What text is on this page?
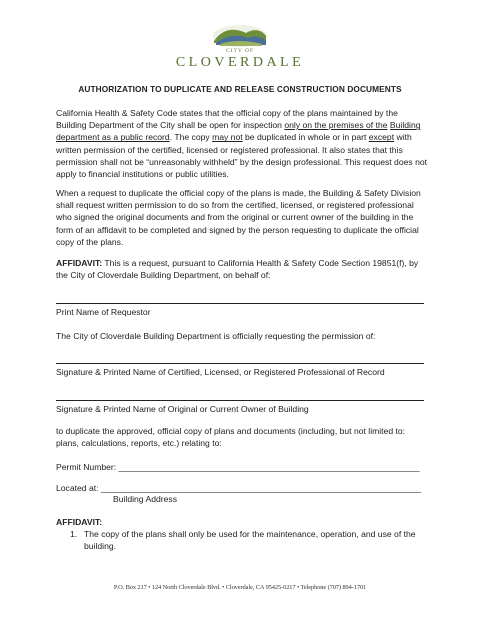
CITY OF
CLOVERDALE
AUTHORIZATION TO DUPLICATE AND RELEASE CONSTRUCTION DOCUMENTS
California Health & Safety Code states that the official copy of the plans maintained by the Building Department of the City shall be open for inspection only on the premises of the Building department as a public record. The copy may not be duplicated in whole or in part except with written permission of the certified, licensed or registered professional. It also states that this permission shall not be “unreasonably withheld” by the design professional. This request does not apply to financial institutions or public utilities.
When a request to duplicate the official copy of the plans is made, the Building & Safety Division shall request written permission to do so from the certified, licensed, or registered professional who signed the original documents and from the original or current owner of the building in the form of an affidavit to be completed and signed by the person requesting to duplicate the official copy of the plans.
AFFIDAVIT: This is a request, pursuant to California Health & Safety Code Section 19851(f), by the City of Cloverdale Building Department, on behalf of:
Print Name of Requestor
The City of Cloverdale Building Department is officially requesting the permission of:
Signature & Printed Name of Certified, Licensed, or Registered Professional of Record
Signature & Printed Name of Original or Current Owner of Building
to duplicate the approved, official copy of plans and documents (including, but not limited to: plans, calculations, reports, etc.) relating to:
Permit Number: _______________________________________________________________
Located at: ___________________________________________________________________
Building Address
AFFIDAVIT:
1. The copy of the plans shall only be used for the maintenance, operation, and use of the building.
P.O. Box 217 • 124 North Cloverdale Blvd. • Cloverdale, CA 95425-0217 • Telephone (707) 894-1701
